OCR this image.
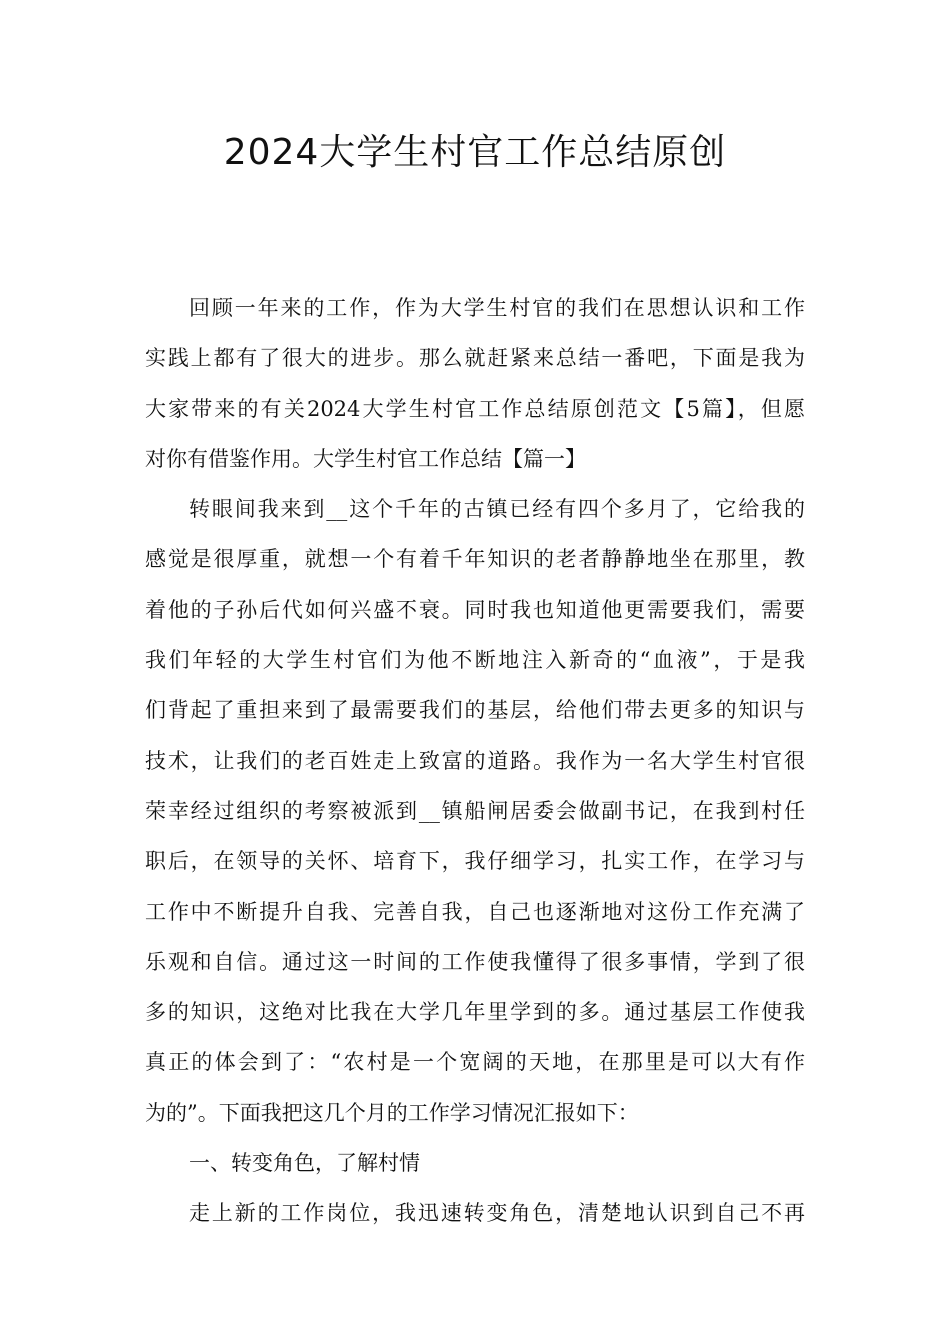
2024大学生村官工作总结原创
回顾一年来的工作，作为大学生村官的我们在思想认识和工作
实践上都有了很大的进步。那么就赶紧来总结一番吧，下面是我为
大家带来的有关2024大学生村官工作总结原创范文【5篇】，但愿
对你有借鉴作用。大学生村官工作总结【篇一】
转眼间我来到__这个千年的古镇已经有四个多月了，它给我的
感觉是很厚重，就想一个有着千年知识的老者静静地坐在那里，教
着他的子孙后代如何兴盛不衰。同时我也知道他更需要我们，需要
我们年轻的大学生村官们为他不断地注入新奇的“血液”，于是我
们背起了重担来到了最需要我们的基层，给他们带去更多的知识与
技术，让我们的老百姓走上致富的道路。我作为一名大学生村官很
荣幸经过组织的考察被派到__镇船闸居委会做副书记，在我到村任
职后，在领导的关怀、培育下，我仔细学习，扎实工作，在学习与
工作中不断提升自我、完善自我，自己也逐渐地对这份工作充满了
乐观和自信。通过这一时间的工作使我懂得了很多事情，学到了很
多的知识，这绝对比我在大学几年里学到的多。通过基层工作使我
真正的体会到了：“农村是一个宽阔的天地，在那里是可以大有作
为的”。下面我把这几个月的工作学习情况汇报如下：
一、转变角色，了解村情
走上新的工作岗位，我迅速转变角色，清楚地认识到自己不再
